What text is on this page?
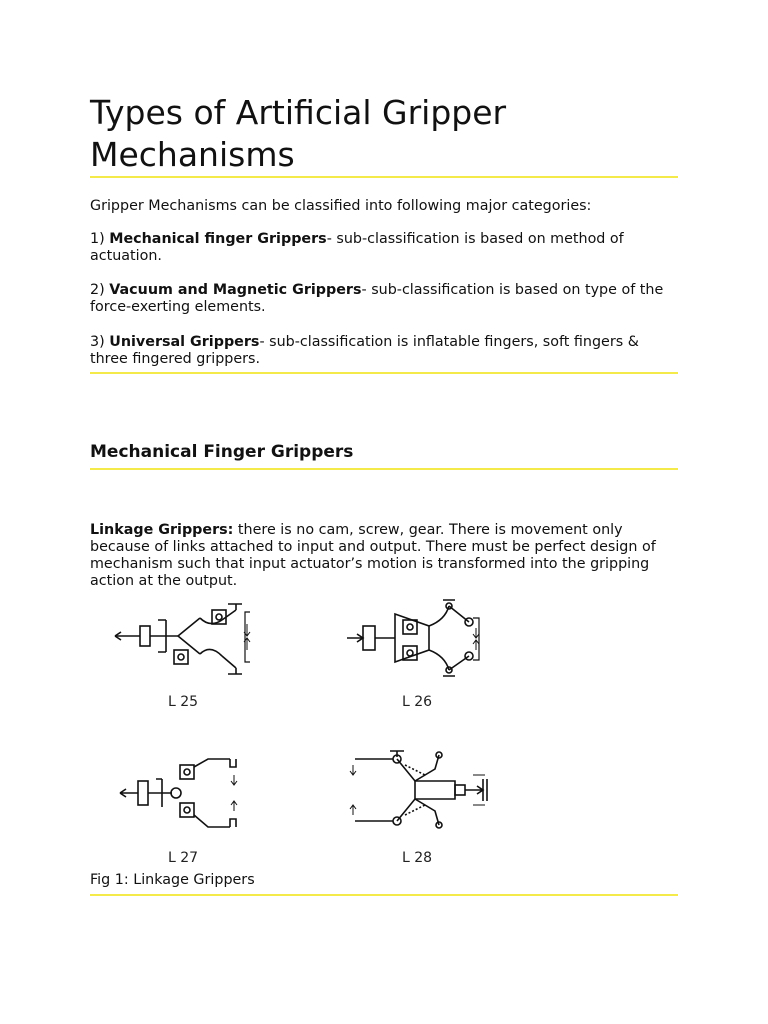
Types of Artificial Gripper Mechanisms

Gripper Mechanisms can be classified into following major categories:

1) Mechanical finger Grippers- sub-classification is based on method of actuation.

2) Vacuum and Magnetic Grippers- sub-classification is based on type of the force-exerting elements.

3) Universal Grippers- sub-classification is inflatable fingers, soft fingers & three fingered grippers.

Mechanical Finger Grippers

Linkage Grippers: there is no cam, screw, gear. There is movement only because of links attached to input and output. There must be perfect design of mechanism such that input actuator’s motion is transformed into the gripping action at the output.

L 25	L 26
L 27	L 28
Fig 1: Linkage Grippers
